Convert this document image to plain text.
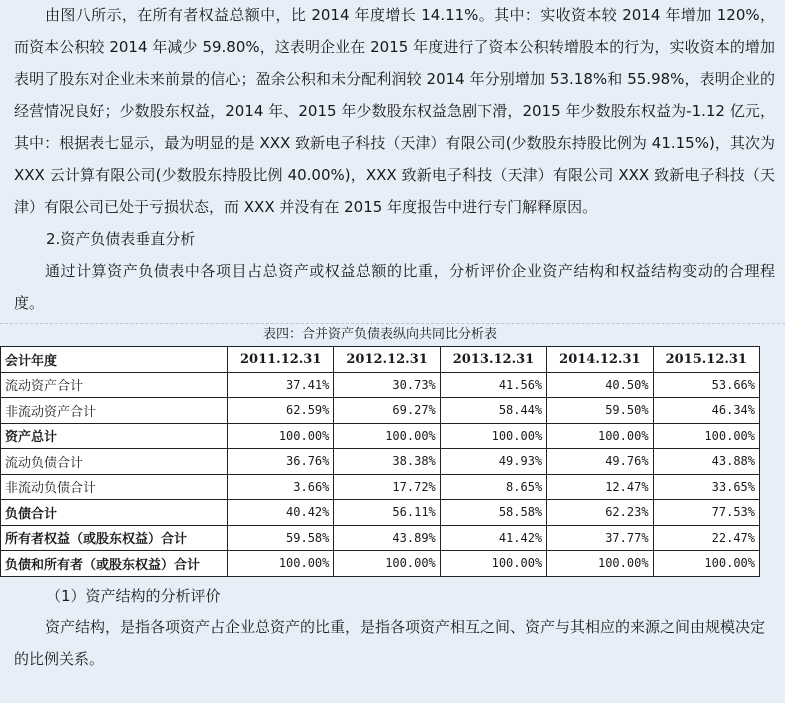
由图八所示，在所有者权益总额中，比 2014 年度增长 14.11%。其中：实收资本较 2014 年增加 120%，而资本公积较 2014 年减少 59.80%，这表明企业在 2015 年度进行了资本公积转增股本的行为，实收资本的增加表明了股东对企业未来前景的信心；盈余公积和未分配利润较 2014 年分别增加 53.18%和 55.98%，表明企业的经营情况良好；少数股东权益，2014 年、2015 年少数股东权益急剧下滑，2015 年少数股东权益为-1.12 亿元，其中：根据表七显示，最为明显的是 XXX 致新电子科技（天津）有限公司(少数股东持股比例为 41.15%)，其次为 XXX 云计算有限公司(少数股东持股比例 40.00%)，XXX 致新电子科技（天津）有限公司 XXX 致新电子科技（天津）有限公司已处于亏损状态，而 XXX 并没有在 2015 年度报告中进行专门解释原因。

2.资产负债表垂直分析

通过计算资产负债表中各项目占总资产或权益总额的比重，分析评价企业资产结构和权益结构变动的合理程度。

表四：合并资产负债表纵向共同比分析表
会计年度	2011.12.31	2012.12.31	2013.12.31	2014.12.31	2015.12.31
流动资产合计	37.41%	30.73%	41.56%	40.50%	53.66%
非流动资产合计	62.59%	69.27%	58.44%	59.50%	46.34%
资产总计	100.00%	100.00%	100.00%	100.00%	100.00%
流动负债合计	36.76%	38.38%	49.93%	49.76%	43.88%
非流动负债合计	3.66%	17.72%	8.65%	12.47%	33.65%
负债合计	40.42%	56.11%	58.58%	62.23%	77.53%
所有者权益（或股东权益）合计	59.58%	43.89%	41.42%	37.77%	22.47%
负债和所有者（或股东权益）合计	100.00%	100.00%	100.00%	100.00%	100.00%

（1）资产结构的分析评价

资产结构，是指各项资产占企业总资产的比重，是指各项资产相互之间、资产与其相应的来源之间由规模决定的比例关系。
